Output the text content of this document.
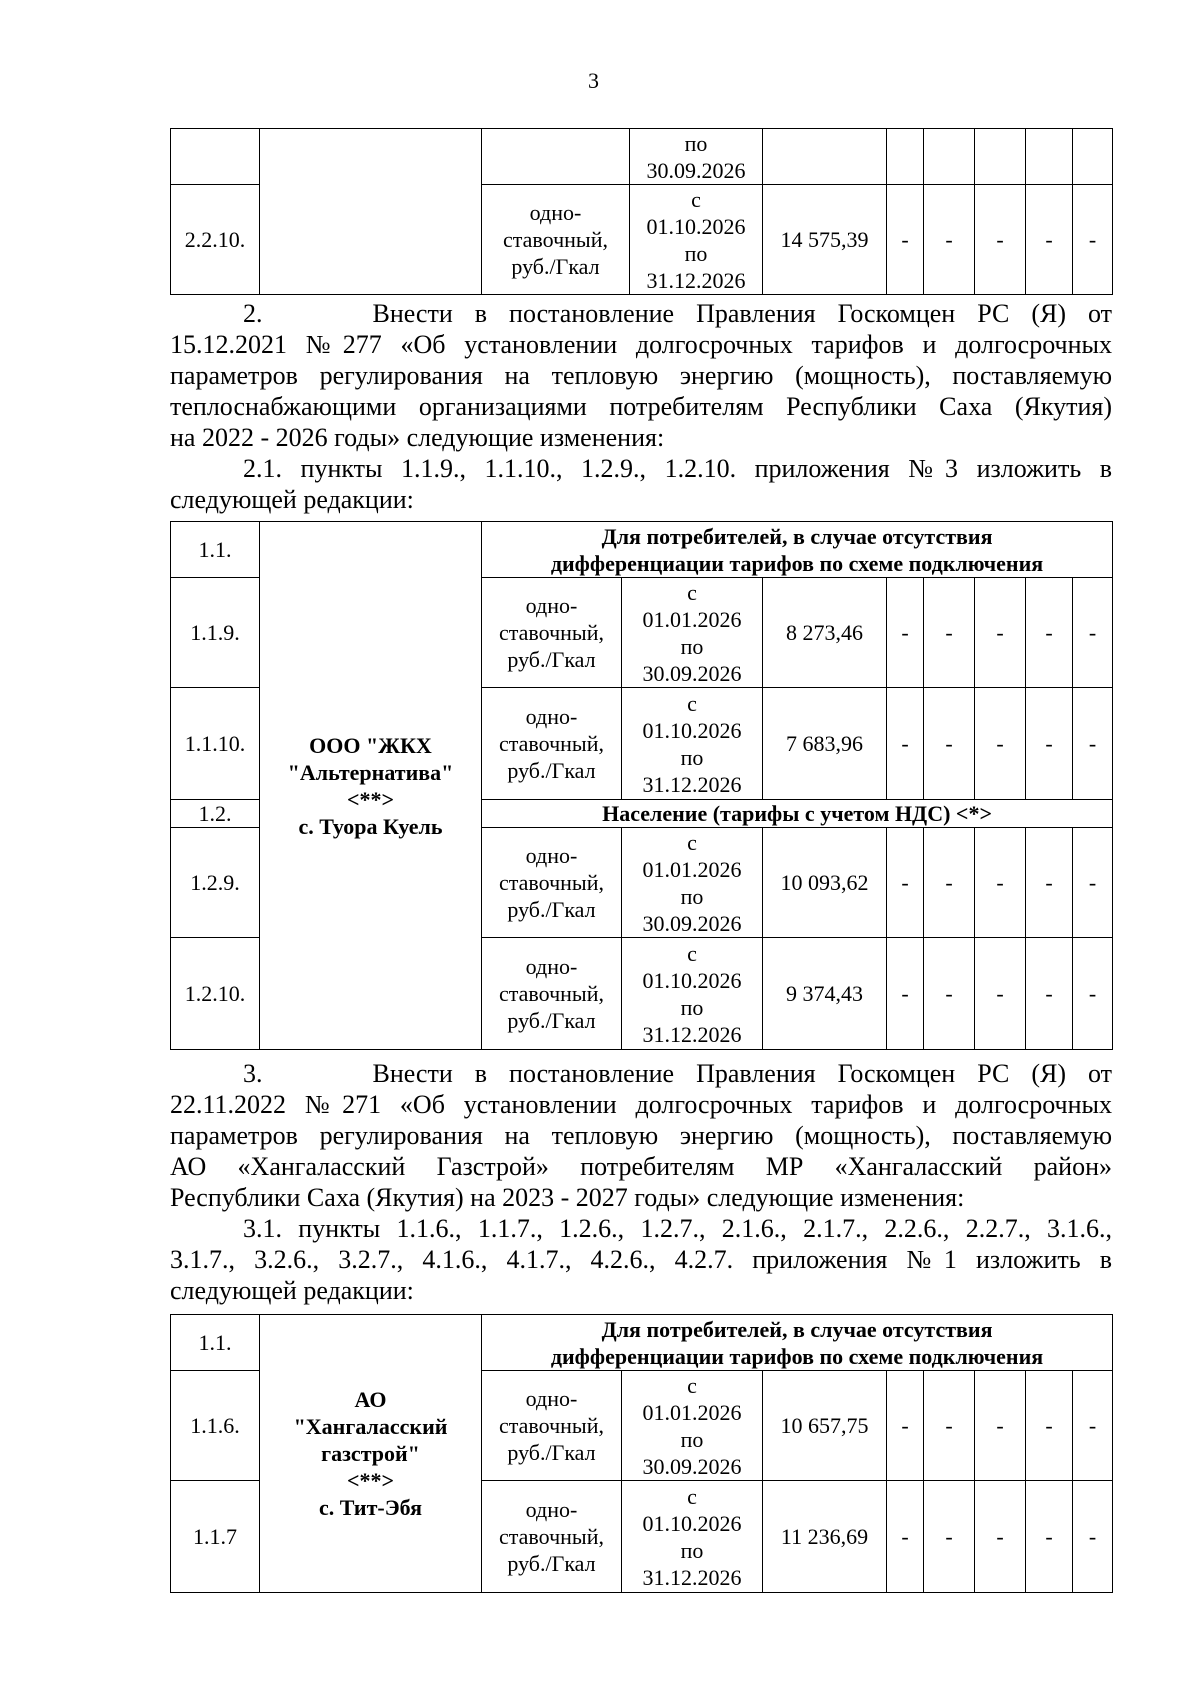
3
			по
30.09.2026						
2.2.10.		одно-
ставочный,
руб./Гкал	с
01.10.2026
по
31.12.2026	14 575,39	-	-	-	-	-
2.     Внести в постановление Правления Госкомцен РС (Я) от
15.12.2021 №277 «Об установлении долгосрочных тарифов и долгосрочных
параметров регулирования на тепловую энергию (мощность), поставляемую
теплоснабжающими организациями потребителям Республики Саха (Якутия)
на 2022 - 2026 годы» следующие изменения:
2.1. пункты 1.1.9., 1.1.10., 1.2.9., 1.2.10. приложения №3 изложить в
следующей редакции:
1.1.	ООО "ЖКХ
"Альтернатива"
<**>
с. Туора Куель	Для потребителей, в случае отсутствия
дифференциации тарифов по схеме подключения							
1.1.9.		одно-
ставочный,
руб./Гкал	с
01.01.2026
по
30.09.2026	8 273,46	-	-	-	-	-
1.1.10.		одно-
ставочный,
руб./Гкал	с
01.10.2026
по
31.12.2026	7 683,96	-	-	-	-	-
1.2.		Население (тарифы с учетом НДС) <*>							
1.2.9.		одно-
ставочный,
руб./Гкал	с
01.01.2026
по
30.09.2026	10 093,62	-	-	-	-	-
1.2.10.		одно-
ставочный,
руб./Гкал	с
01.10.2026
по
31.12.2026	9 374,43	-	-	-	-	-
3.     Внести в постановление Правления Госкомцен РС (Я) от
22.11.2022 №271 «Об установлении долгосрочных тарифов и долгосрочных
параметров регулирования на тепловую энергию (мощность), поставляемую
АО «Хангаласский Газстрой» потребителям МР «Хангаласский район»
Республики Саха (Якутия) на 2023 - 2027 годы» следующие изменения:
3.1. пункты 1.1.6., 1.1.7., 1.2.6., 1.2.7., 2.1.6., 2.1.7., 2.2.6., 2.2.7., 3.1.6.,
3.1.7., 3.2.6., 3.2.7., 4.1.6., 4.1.7., 4.2.6., 4.2.7. приложения №1 изложить в
следующей редакции:
1.1.	АО
"Хангаласский
газстрой"
<**>
с. Тит-Эбя	Для потребителей, в случае отсутствия
дифференциации тарифов по схеме подключения							
1.1.6.		одно-
ставочный,
руб./Гкал	с
01.01.2026
по
30.09.2026	10 657,75	-	-	-	-	-
1.1.7		одно-
ставочный,
руб./Гкал	с
01.10.2026
по
31.12.2026	11 236,69	-	-	-	-	-
